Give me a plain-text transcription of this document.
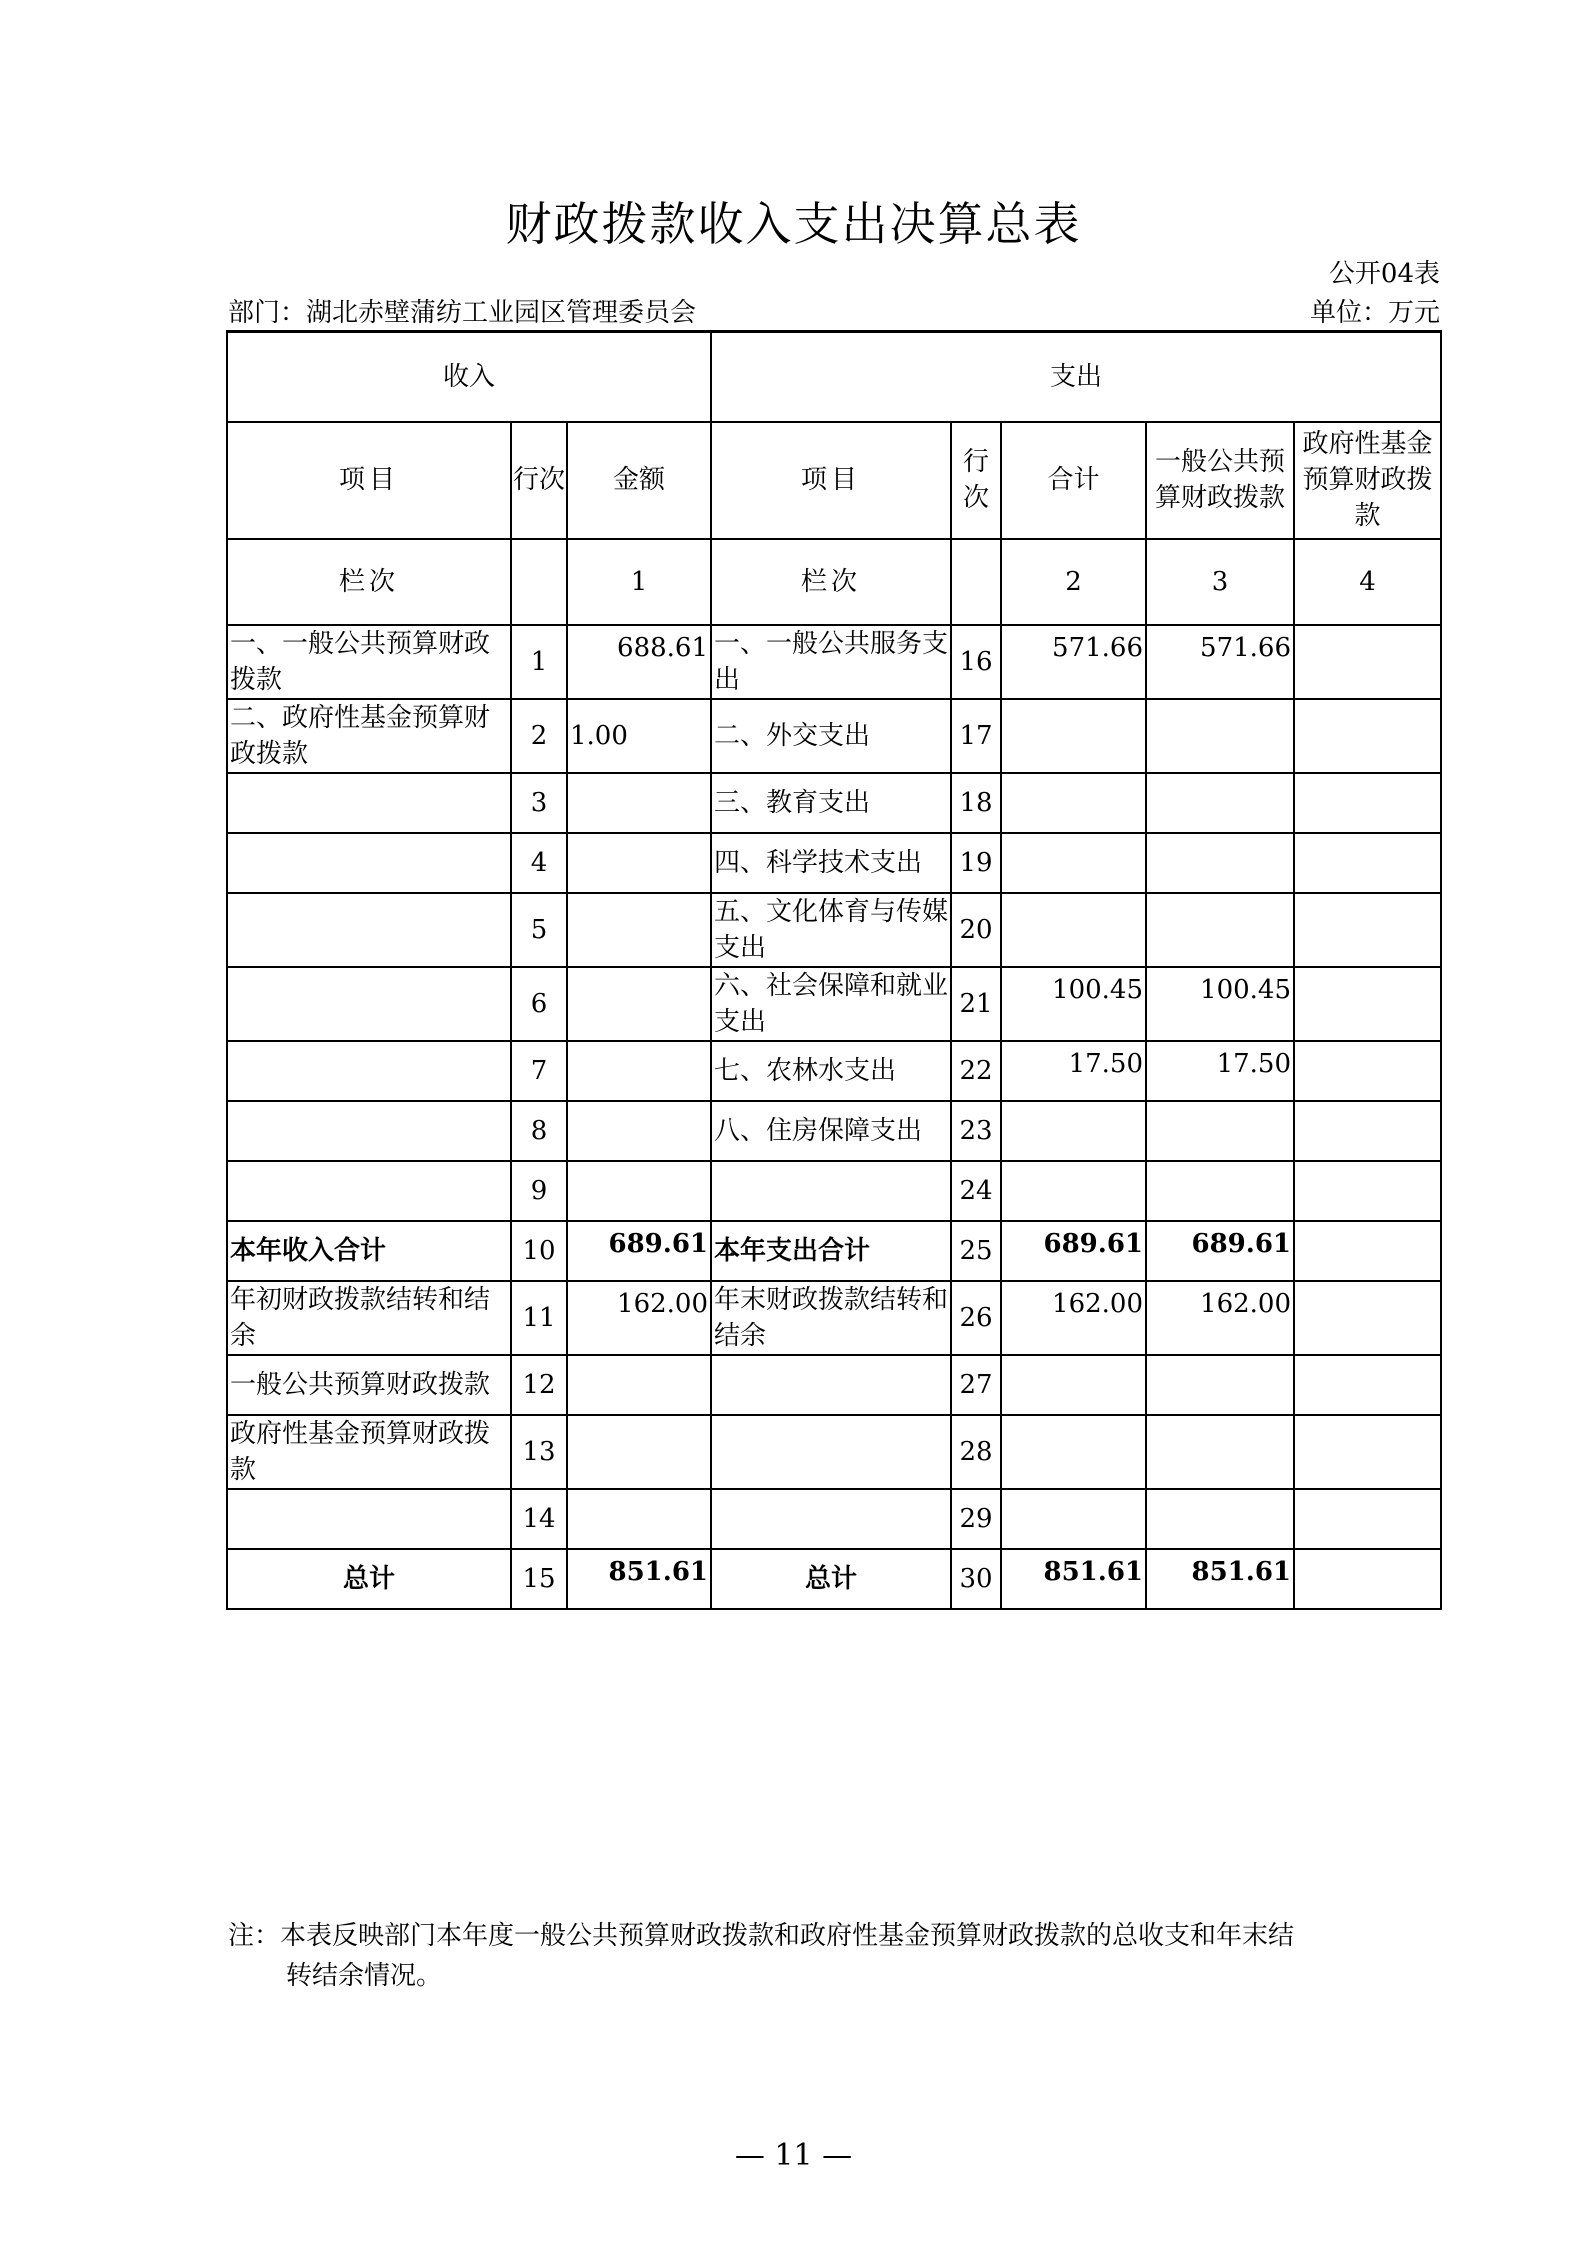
财政拨款收入支出决算总表
公开04表
部门：湖北赤壁蒲纺工业园区管理委员会	单位：万元
收入			支出				
项目	行次	金额	项目	行次	合计	一般公共预算财政拨款	政府性基金预算财政拨款
栏次		1	栏次		2	3	4
一、一般公共预算财政拨款	1	688.61	一、一般公共服务支出	16	571.66	571.66	
二、政府性基金预算财政拨款	2	1.00	二、外交支出	17			
	3		三、教育支出	18			
	4		四、科学技术支出	19			
	5		五、文化体育与传媒支出	20			
	6		六、社会保障和就业支出	21	100.45	100.45	
	7		七、农林水支出	22	17.50	17.50	
	8		八、住房保障支出	23			
	9			24			
本年收入合计	10	689.61	本年支出合计	25	689.61	689.61	
年初财政拨款结转和结余	11	162.00	年末财政拨款结转和结余	26	162.00	162.00	
一般公共预算财政拨款	12			27			
政府性基金预算财政拨款	13			28			
	14			29			
总计	15	851.61	总计	30	851.61	851.61	
注：本表反映部门本年度一般公共预算财政拨款和政府性基金预算财政拨款的总收支和年末结
转结余情况。
— 11 —
